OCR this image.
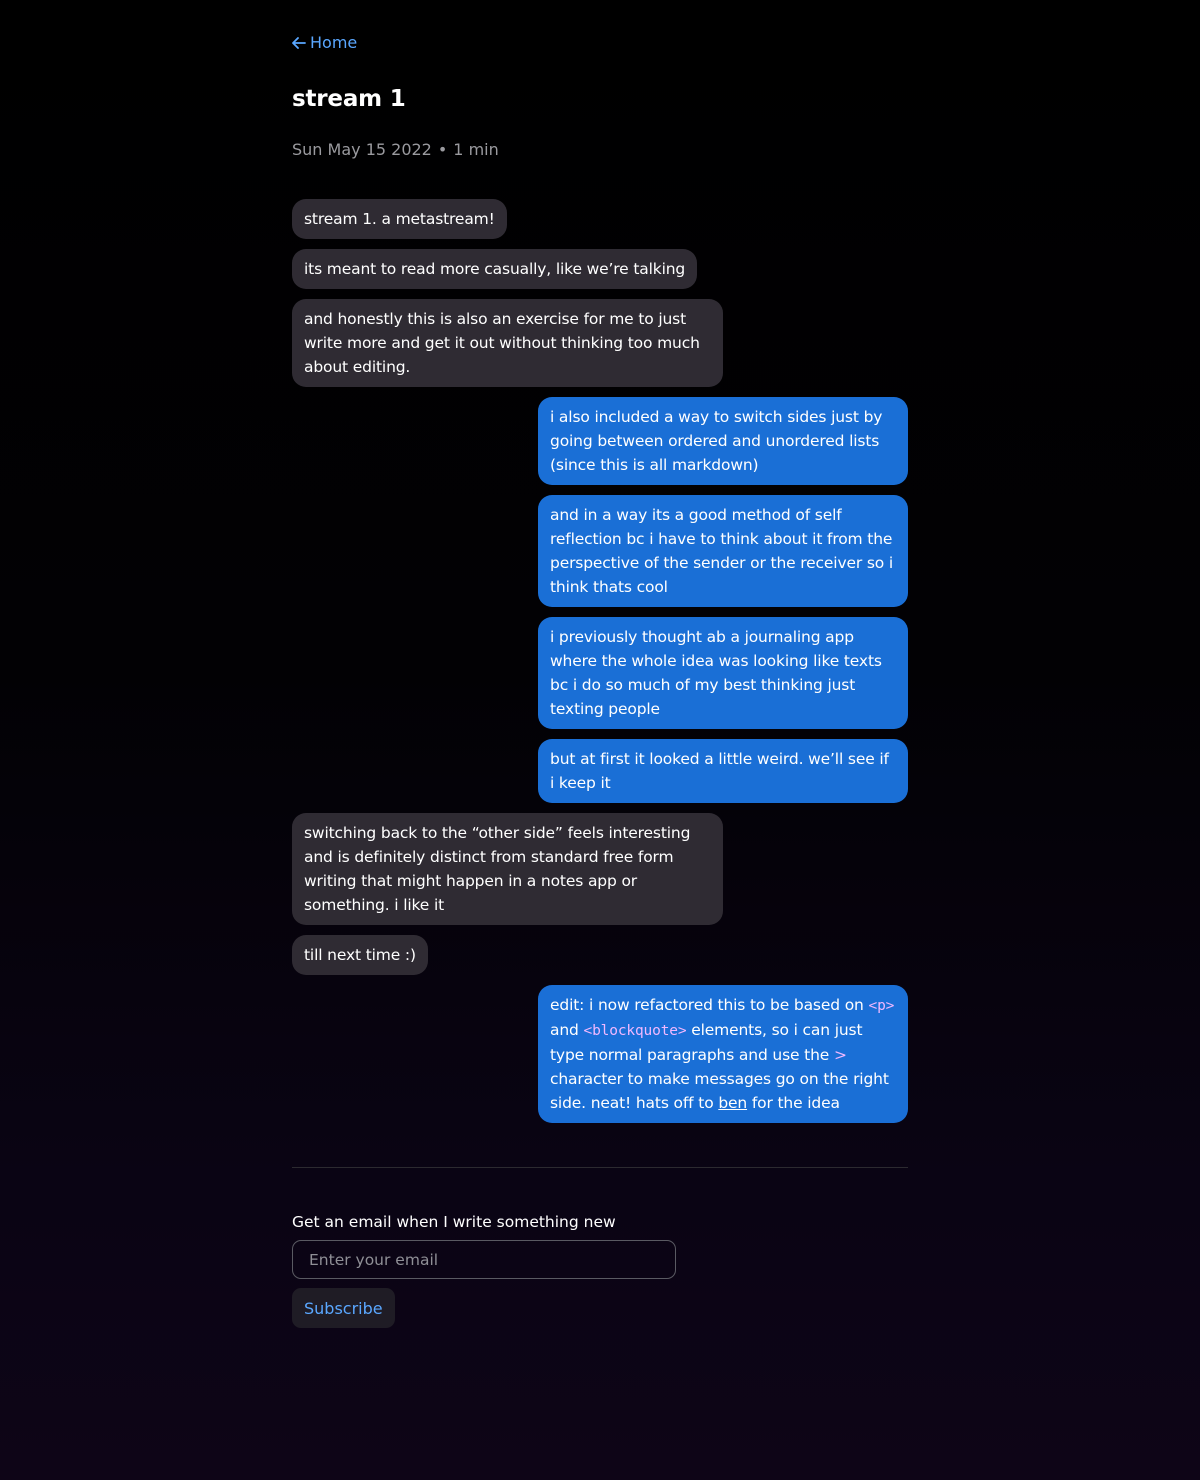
Home
stream 1
Sun May 15 2022 • 1 min
stream 1. a metastream!
its meant to read more casually, like we’re talking
and honestly this is also an exercise for me to just write more and get it out without thinking too much about editing.
i also included a way to switch sides just by going between ordered and unordered lists (since this is all markdown)
and in a way its a good method of self reflection bc i have to think about it from the perspective of the sender or the receiver so i think thats cool
i previously thought ab a journaling app where the whole idea was looking like texts bc i do so much of my best thinking just texting people
but at first it looked a little weird. we’ll see if i keep it
switching back to the “other side” feels interesting and is definitely distinct from standard free form writing that might happen in a notes app or something. i like it
till next time :)
edit: i now refactored this to be based on <p> and <blockquote> elements, so i can just type normal paragraphs and use the > character to make messages go on the right side. neat! hats off to ben for the idea
Get an email when I write something new
Enter your email
Subscribe
